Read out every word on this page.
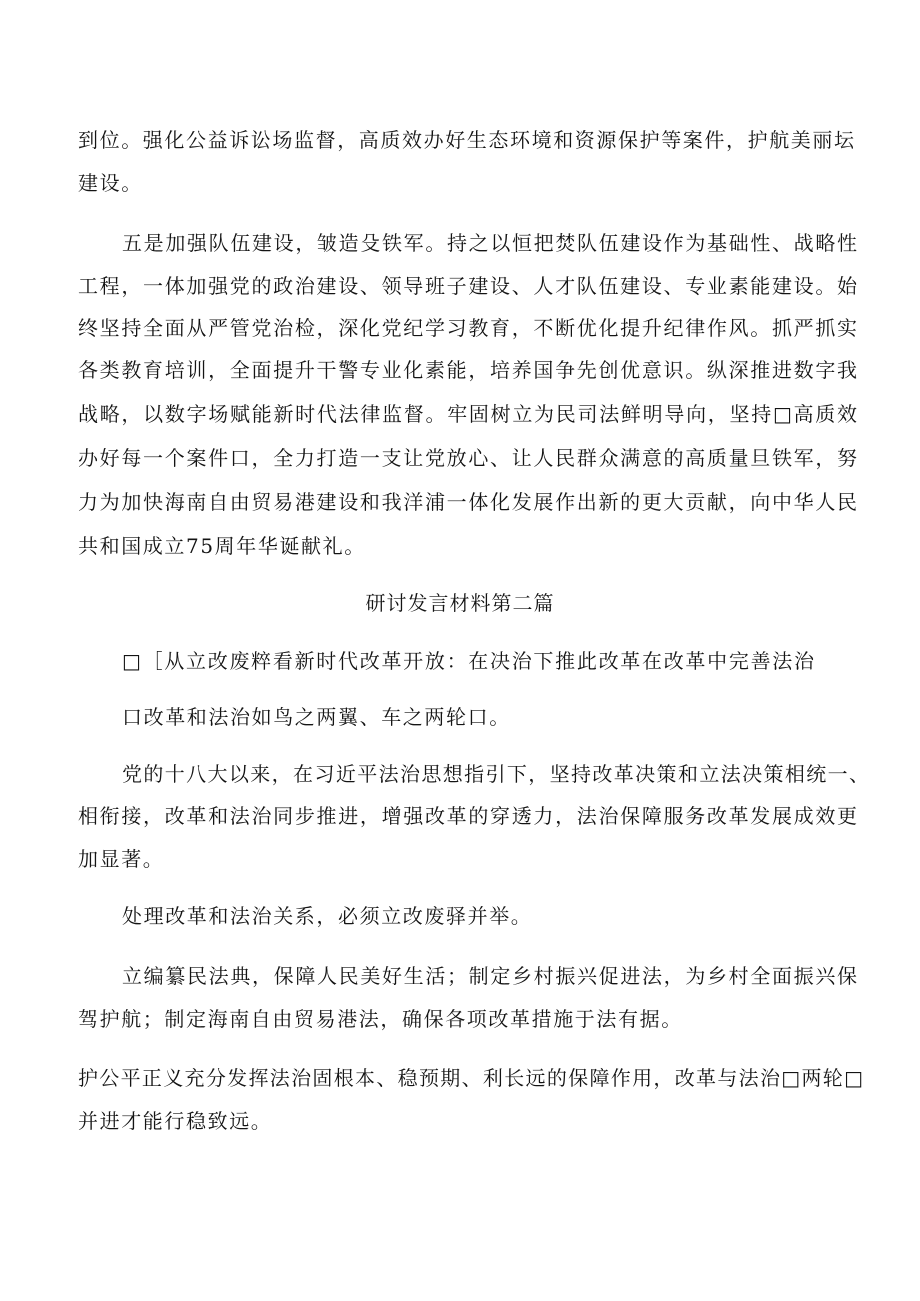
到位。强化公益诉讼场监督，高质效办好生态环境和资源保护等案件，护航美丽坛
建设。
五是加强队伍建设，皱造殳铁军。持之以恒把焚队伍建设作为基础性、战略性
工程，一体加强党的政治建设、领导班子建设、人才队伍建设、专业素能建设。始
终坚持全面从严管党治检，深化党纪学习教育，不断优化提升纪律作风。抓严抓实
各类教育培训，全面提升干警专业化素能，培养国争先创优意识。纵深推进数字我
战略，以数字场赋能新时代法律监督。牢固树立为民司法鲜明导向，坚持□高质效
办好每一个案件口，全力打造一支让党放心、让人民群众满意的高质量旦铁军，努
力为加快海南自由贸易港建设和我洋浦一体化发展作出新的更大贡献，向中华人民
共和国成立75周年华诞献礼。
研讨发言材料第二篇
□［从立改废粹看新时代改革开放：在决治下推此改革在改革中完善法治
口改革和法治如鸟之两翼、车之两轮口。
党的十八大以来，在习近平法治思想指引下，坚持改革决策和立法决策相统一、
相衔接，改革和法治同步推进，增强改革的穿透力，法治保障服务改革发展成效更
加显著。
处理改革和法治关系，必须立改废驿并举。
立编纂民法典，保障人民美好生活；制定乡村振兴促进法，为乡村全面振兴保
驾护航；制定海南自由贸易港法，确保各项改革措施于法有据。
护公平正义充分发挥法治固根本、稳预期、利长远的保障作用，改革与法治□两轮□
并进才能行稳致远。
